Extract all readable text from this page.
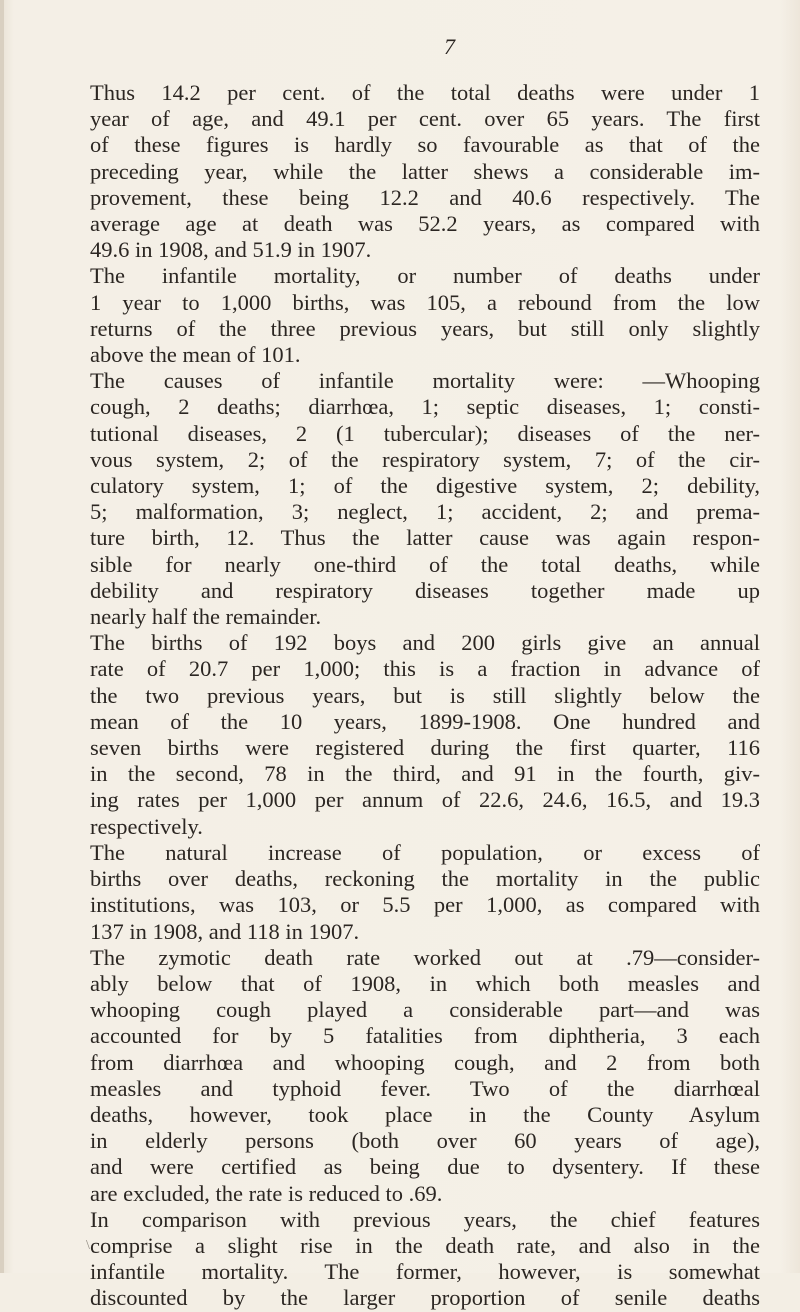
7

Thus 14.2 per cent. of the total deaths were under 1
year of age, and 49.1 per cent. over 65 years. The first
of these figures is hardly so favourable as that of the
preceding year, while the latter shews a considerable im-
provement, these being 12.2 and 40.6 respectively. The
average age at death was 52.2 years, as compared with
49.6 in 1908, and 51.9 in 1907.

The infantile mortality, or number of deaths under
1 year to 1,000 births, was 105, a rebound from the low
returns of the three previous years, but still only slightly
above the mean of 101.

The causes of infantile mortality were: —Whooping
cough, 2 deaths; diarrhœa, 1; septic diseases, 1; consti-
tutional diseases, 2 (1 tubercular); diseases of the ner-
vous system, 2; of the respiratory system, 7; of the cir-
culatory system, 1; of the digestive system, 2; debility,
5; malformation, 3; neglect, 1; accident, 2; and prema-
ture birth, 12. Thus the latter cause was again respon-
sible for nearly one-third of the total deaths, while
debility and respiratory diseases together made up
nearly half the remainder.

The births of 192 boys and 200 girls give an annual
rate of 20.7 per 1,000; this is a fraction in advance of
the two previous years, but is still slightly below the
mean of the 10 years, 1899-1908. One hundred and
seven births were registered during the first quarter, 116
in the second, 78 in the third, and 91 in the fourth, giv-
ing rates per 1,000 per annum of 22.6, 24.6, 16.5, and 19.3
respectively.

The natural increase of population, or excess of
births over deaths, reckoning the mortality in the public
institutions, was 103, or 5.5 per 1,000, as compared with
137 in 1908, and 118 in 1907.

The zymotic death rate worked out at .79—consider-
ably below that of 1908, in which both measles and
whooping cough played a considerable part—and was
accounted for by 5 fatalities from diphtheria, 3 each
from diarrhœa and whooping cough, and 2 from both
measles and typhoid fever. Two of the diarrhœal
deaths, however, took place in the County Asylum
in elderly persons (both over 60 years of age),
and were certified as being due to dysentery. If these
are excluded, the rate is reduced to .69.

In comparison with previous years, the chief features
comprise a slight rise in the death rate, and also in the
infantile mortality. The former, however, is somewhat
discounted by the larger proportion of senile deaths

\
